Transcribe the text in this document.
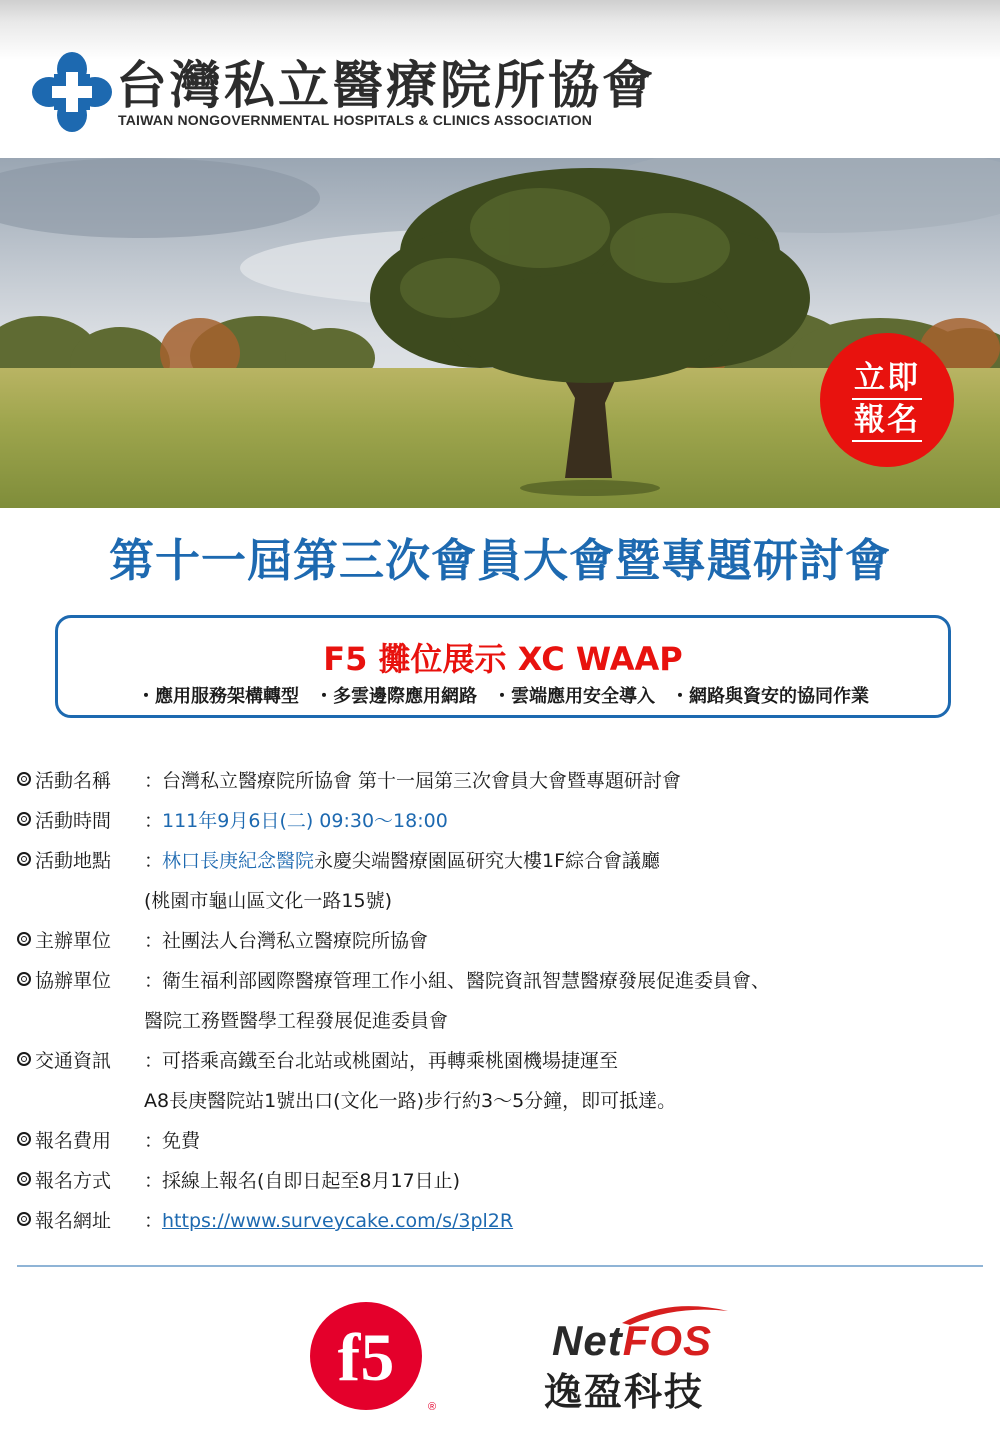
台灣私立醫療院所協會
TAIWAN NONGOVERNMENTAL HOSPITALS & CLINICS ASSOCIATION
立即
報名
第十一屆第三次會員大會暨專題研討會
F5 攤位展示 XC WAAP
・應用服務架構轉型 ・多雲邊際應用網路 ・雲端應用安全導入 ・網路與資安的協同作業
活動名稱	：
台灣私立醫療院所協會 第十一屆第三次會員大會暨專題研討會
活動時間	：
111年9月6日(二) 09:30～18:00
活動地點	：
林口長庚紀念醫院 永慶尖端醫療園區研究大樓1F綜合會議廳
(桃園市龜山區文化一路15號)
主辦單位	：
社團法人台灣私立醫療院所協會
協辦單位	：
衛生福利部國際醫療管理工作小組、醫院資訊智慧醫療發展促進委員會、
醫院工務暨醫學工程發展促進委員會
交通資訊	：
可搭乘高鐵至台北站或桃園站，再轉乘桃園機場捷運至
A8長庚醫院站1號出口(文化一路)步行約3～5分鐘，即可抵達。
報名費用	：
免費
報名方式	：
採線上報名(自即日起至8月17日止)
報名網址	：
https://www.surveycake.com/s/3pl2R
f5
®
NetFOS
逸盈科技
